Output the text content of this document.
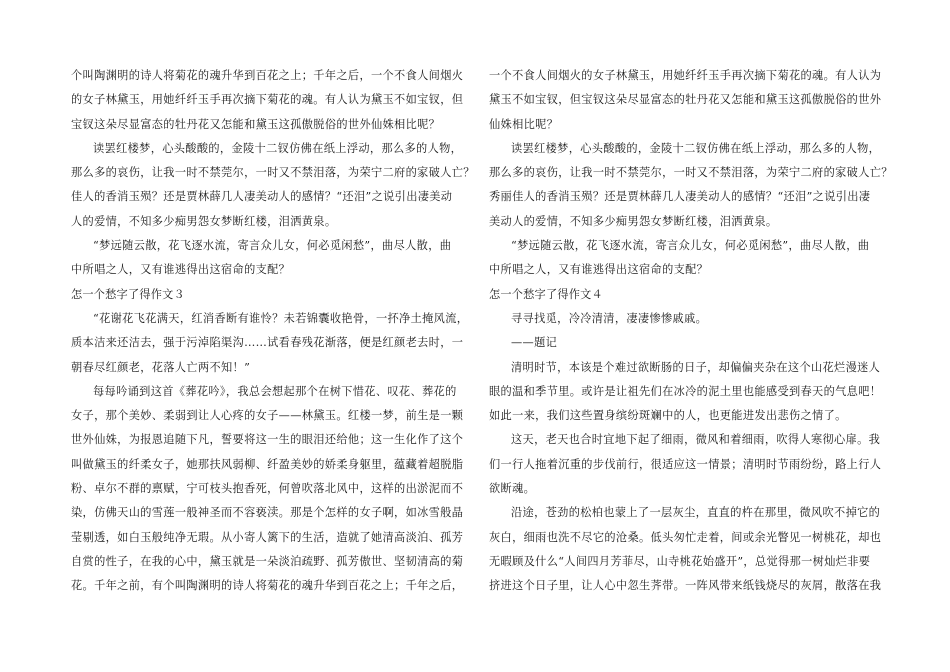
个叫陶渊明的诗人将菊花的魂升华到百花之上；千年之后，一个不食人间烟火
的女子林黛玉，用她纤纤玉手再次摘下菊花的魂。有人认为黛玉不如宝钗，但
宝钗这朵尽显富态的牡丹花又怎能和黛玉这孤傲脱俗的世外仙姝相比呢？
读罢红楼梦，心头酸酸的，金陵十二钗仿佛在纸上浮动，那么多的人物，
那么多的哀伤，让我一时不禁莞尔，一时又不禁泪落，为荣宁二府的家破人亡？
佳人的香消玉殒？还是贾林薛几人凄美动人的感情？“还泪”之说引出凄美动
人的爱情，不知多少痴男怨女梦断红楼，泪洒黄泉。
“梦远随云散，花飞逐水流，寄言众儿女，何必觅闲愁”，曲尽人散，曲
中所唱之人，又有谁逃得出这宿命的支配？
怎一个愁字了得作文３
“花谢花飞花满天，红消香断有谁怜？未若锦囊收艳骨，一抔净土掩风流，
质本洁来还洁去，强于污淖陷渠沟……试看春残花渐落，便是红颜老去时，一
朝春尽红颜老，花落人亡两不知！”
每每吟诵到这首《葬花吟》，我总会想起那个在树下惜花、叹花、葬花的
女子，那个美妙、柔弱到让人心疼的女子——林黛玉。红楼一梦，前生是一颗
世外仙姝，为报恩追随下凡，誓要将这一生的眼泪还给他；这一生化作了这个
叫做黛玉的纤柔女子，她那扶风弱柳、纤盈美妙的娇柔身躯里，蕴藏着超脱脂
粉、卓尔不群的禀赋，宁可枝头抱香死，何曾吹落北风中，这样的出淤泥而不
染，仿佛天山的雪莲一般神圣而不容亵渎。那是个怎样的女子啊，如冰雪般晶
莹剔透，如白玉般纯净无瑕。从小寄人篱下的生活，造就了她清高淡泊、孤芳
自赏的性子，在我的心中，黛玉就是一朵淡泊疏野、孤芳傲世、坚韧清高的菊
花。千年之前，有个叫陶渊明的诗人将菊花的魂升华到百花之上；千年之后，
一个不食人间烟火的女子林黛玉，用她纤纤玉手再次摘下菊花的魂。有人认为
黛玉不如宝钗，但宝钗这朵尽显富态的牡丹花又怎能和黛玉这孤傲脱俗的世外
仙姝相比呢？
读罢红楼梦，心头酸酸的，金陵十二钗仿佛在纸上浮动，那么多的人物，
那么多的哀伤，让我一时不禁莞尔，一时又不禁泪落，为荣宁二府的家破人亡？
秀丽佳人的香消玉殒？还是贾林薛几人凄美动人的感情？“还泪”之说引出凄
美动人的爱情，不知多少痴男怨女梦断红楼，泪洒黄泉。
“梦远随云散，花飞逐水流，寄言众儿女，何必觅闲愁”，曲尽人散，曲
中所唱之人，又有谁逃得出这宿命的支配？
怎一个愁字了得作文４
寻寻找觅，冷冷清清，凄凄惨惨戚戚。
——题记
清明时节，本该是个难过欲断肠的日子，却偏偏夹杂在这个山花烂漫迷人
眼的温和季节里。或许是让祖先们在冰冷的泥土里也能感受到春天的气息吧！
如此一来，我们这些置身缤纷斑斓中的人，也更能进发出悲伤之情了。
这天，老天也合时宜地下起了细雨，微风和着细雨，吹得人寒彻心扉。我
们一行人拖着沉重的步伐前行，很适应这一情景；清明时节雨纷纷，路上行人
欲断魂。
沿途，苍劲的松柏也蒙上了一层灰尘，直直的杵在那里，微风吹不掉它的
灰白，细雨也洗不尽它的沧桑。低头匆忙走着，间或余光瞥见一树桃花，却也
无暇顾及什么“人间四月芳菲尽，山寺桃花始盛开”，总觉得那一树灿烂非要
挤进这个日子里，让人心中忽生荠带。一阵风带来纸钱烧尽的灰屑，散落在我
